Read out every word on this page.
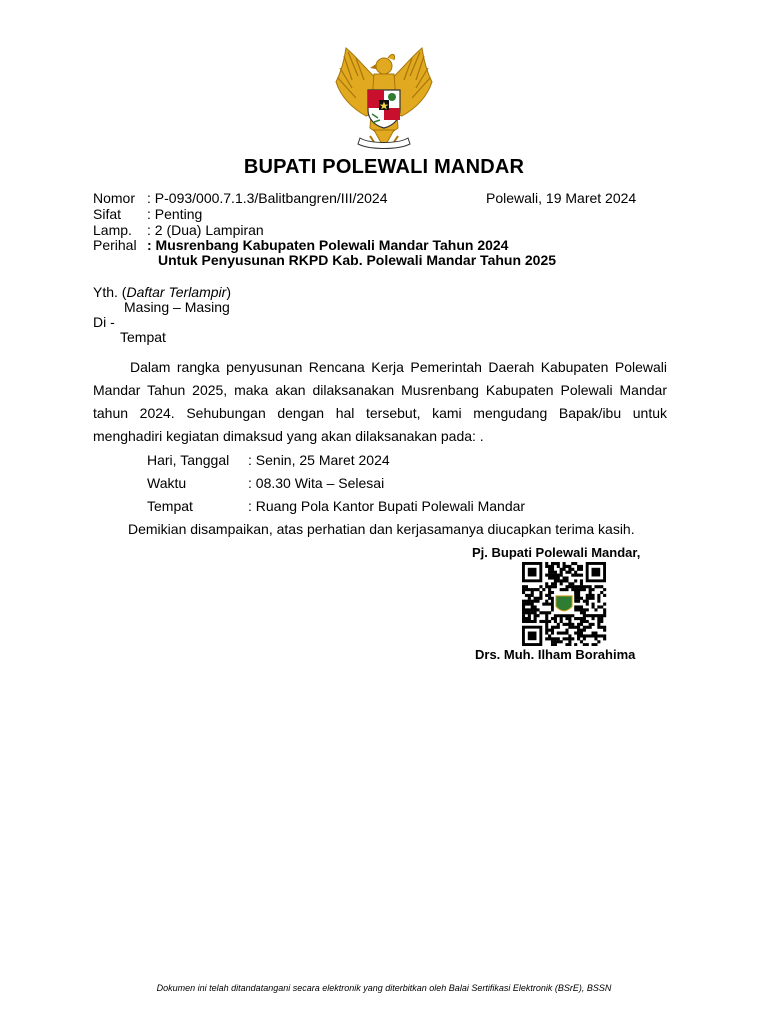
BUPATI POLEWALI MANDAR
Nomor : P-093/000.7.1.3/Balitbangren/III/2024	Polewali, 19 Maret 2024
Sifat	: Penting
Lamp.	: 2 (Dua) Lampiran
Perihal : Musrenbang Kabupaten Polewali Mandar Tahun 2024
Untuk Penyusunan RKPD Kab. Polewali Mandar Tahun 2025
Yth. (Daftar Terlampir)
Masing – Masing
Di -
Tempat
Dalam rangka penyusunan Rencana Kerja Pemerintah Daerah Kabupaten Polewali Mandar Tahun 2025, maka akan dilaksanakan Musrenbang Kabupaten Polewali Mandar tahun 2024. Sehubungan dengan hal tersebut, kami mengudang Bapak/ibu untuk menghadiri kegiatan dimaksud yang akan dilaksanakan pada: .
Hari, Tanggal : Senin, 25 Maret 2024
Waktu	: 08.30 Wita – Selesai
Tempat	: Ruang Pola Kantor Bupati Polewali Mandar
Demikian disampaikan, atas perhatian dan kerjasamanya diucapkan terima kasih.
Pj. Bupati Polewali Mandar,
Drs. Muh. Ilham Borahima
Dokumen ini telah ditandatangani secara elektronik yang diterbitkan oleh Balai Sertifikasi Elektronik (BSrE), BSSN
